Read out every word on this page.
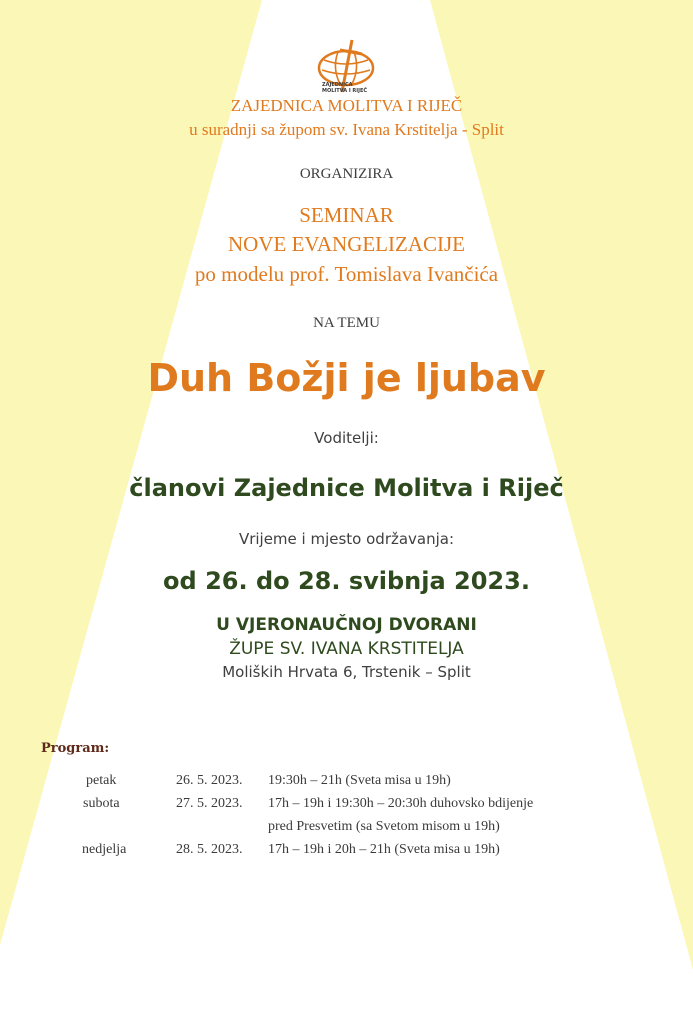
ZAJEDNICA
MOLITVA I RIJEČ
ZAJEDNICA MOLITVA I RIJEČ
u suradnji sa župom sv. Ivana Krstitelja - Split
ORGANIZIRA
SEMINAR
NOVE EVANGELIZACIJE
po modelu prof. Tomislava Ivančića
NA TEMU
Duh Božji je ljubav
Voditelji:
članovi Zajednice Molitva i Riječ
Vrijeme i mjesto održavanja:
od 26. do 28. svibnja 2023.
U VJERONAUČNOJ DVORANI
ŽUPE SV. IVANA KRSTITELJA
Moliških Hrvata 6, Trstenik – Split
Program:
petak	26. 5. 2023. 19:30h – 21h (Sveta misa u 19h)
subota	27. 5. 2023. 17h – 19h i 19:30h – 20:30h duhovsko bdijenje
pred Presvetim (sa Svetom misom u 19h)
nedjelja	28. 5. 2023. 17h – 19h i 20h – 21h (Sveta misa u 19h)
